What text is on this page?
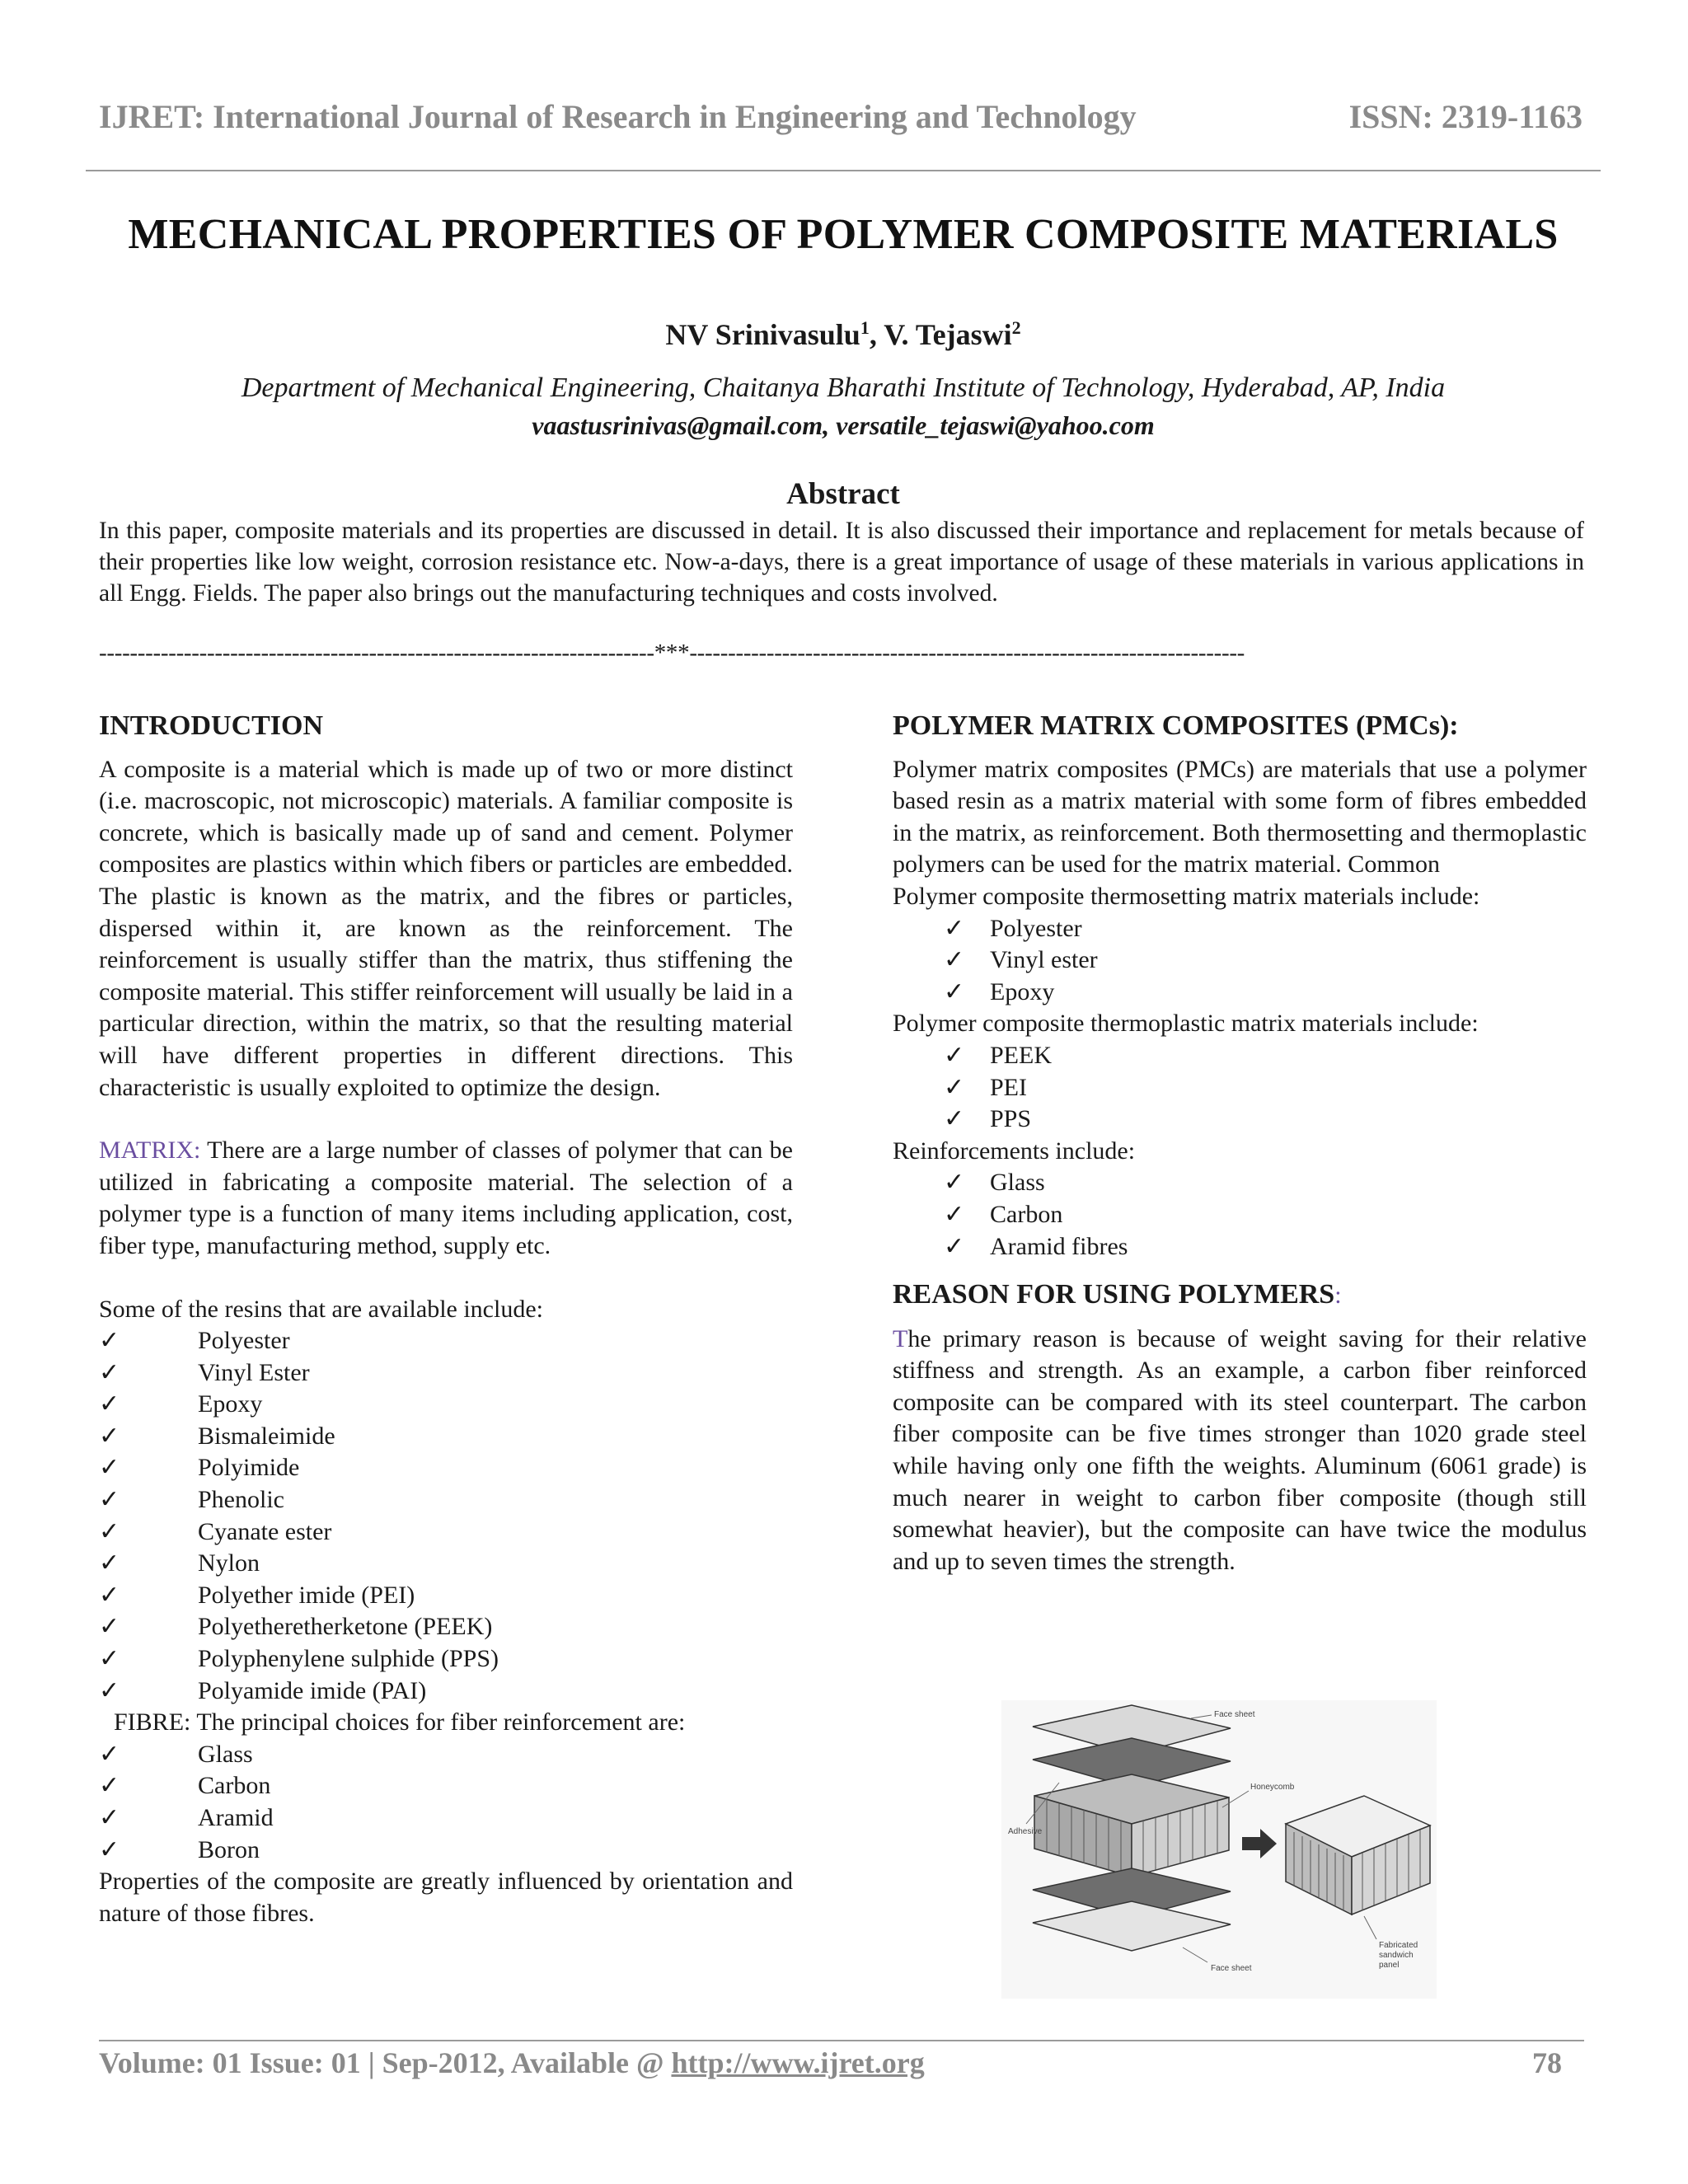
IJRET: International Journal of Research in Engineering and Technology	ISSN: 2319-1163
MECHANICAL PROPERTIES OF POLYMER COMPOSITE MATERIALS
NV Srinivasulu$^1$, V. Tejaswi$^2$
Department of Mechanical Engineering, Chaitanya Bharathi Institute of Technology, Hyderabad, AP, India
vaastusrinivas@gmail.com, versatile_tejaswi@yahoo.com
Abstract
In this paper, composite materials and its properties are discussed in detail. It is also discussed their importance and replacement for metals because of their properties like low weight, corrosion resistance etc. Now-a-days, there is a great importance of usage of these materials in various applications in all Engg. Fields. The paper also brings out the manufacturing techniques and costs involved.
------------------------------------------------------------------------***------------------------------------------------------------------------
INTRODUCTION

A composite is a material which is made up of two or more distinct (i.e. macroscopic, not microscopic) materials. A familiar composite is concrete, which is basically made up of sand and cement. Polymer composites are plastics within which fibers or particles are embedded. The plastic is known as the matrix, and the fibres or particles, dispersed within it, are known as the reinforcement. The reinforcement is usually stiffer than the matrix, thus stiffening the composite material. This stiffer reinforcement will usually be laid in a particular direction, within the matrix, so that the resulting material will have different properties in different directions. This characteristic is usually exploited to optimize the design.

MATRIX: There are a large number of classes of polymer that can be utilized in fabricating a composite material. The selection of a polymer type is a function of many items including application, cost, fiber type, manufacturing method, supply etc.

Some of the resins that are available include:

✓	Polyester
✓	Vinyl Ester
✓	Epoxy
✓	Bismaleimide
✓	Polyimide
✓	Phenolic
✓	Cyanate ester
✓	Nylon
✓	Polyether imide (PEI)
✓	Polyetheretherketone (PEEK)
✓	Polyphenylene sulphide (PPS)
✓	Polyamide imide (PAI)

FIBRE: The principal choices for fiber reinforcement are:

✓	Glass
✓	Carbon
✓	Aramid
✓	Boron

Properties of the composite are greatly influenced by orientation and nature of those fibres.

POLYMER MATRIX COMPOSITES (PMCs):

Polymer matrix composites (PMCs) are materials that use a polymer based resin as a matrix material with some form of fibres embedded in the matrix, as reinforcement. Both thermosetting and thermoplastic polymers can be used for the matrix material. Common

Polymer composite thermosetting matrix materials include:

✓ Polyester
✓ Vinyl ester
✓ Epoxy

Polymer composite thermoplastic matrix materials include:

✓ PEEK
✓ PEI
✓ PPS

Reinforcements include:

✓ Glass
✓ Carbon
✓ Aramid fibres
REASON FOR USING POLYMERS:

The primary reason is because of weight saving for their relative stiffness and strength. As an example, a carbon fiber reinforced composite can be compared with its steel counterpart. The carbon fiber composite can be five times stronger than 1020 grade steel while having only one fifth the weights. Aluminum (6061 grade) is much nearer in weight to carbon fiber composite (though still somewhat heavier), but the composite can have twice the modulus and up to seven times the strength.

Face sheet
Honeycomb
Adhesive
Face sheet
Fabricated
sandwich
panel
Volume: 01 Issue: 01 | Sep-2012, Available @ http://www.ijret.org	78
